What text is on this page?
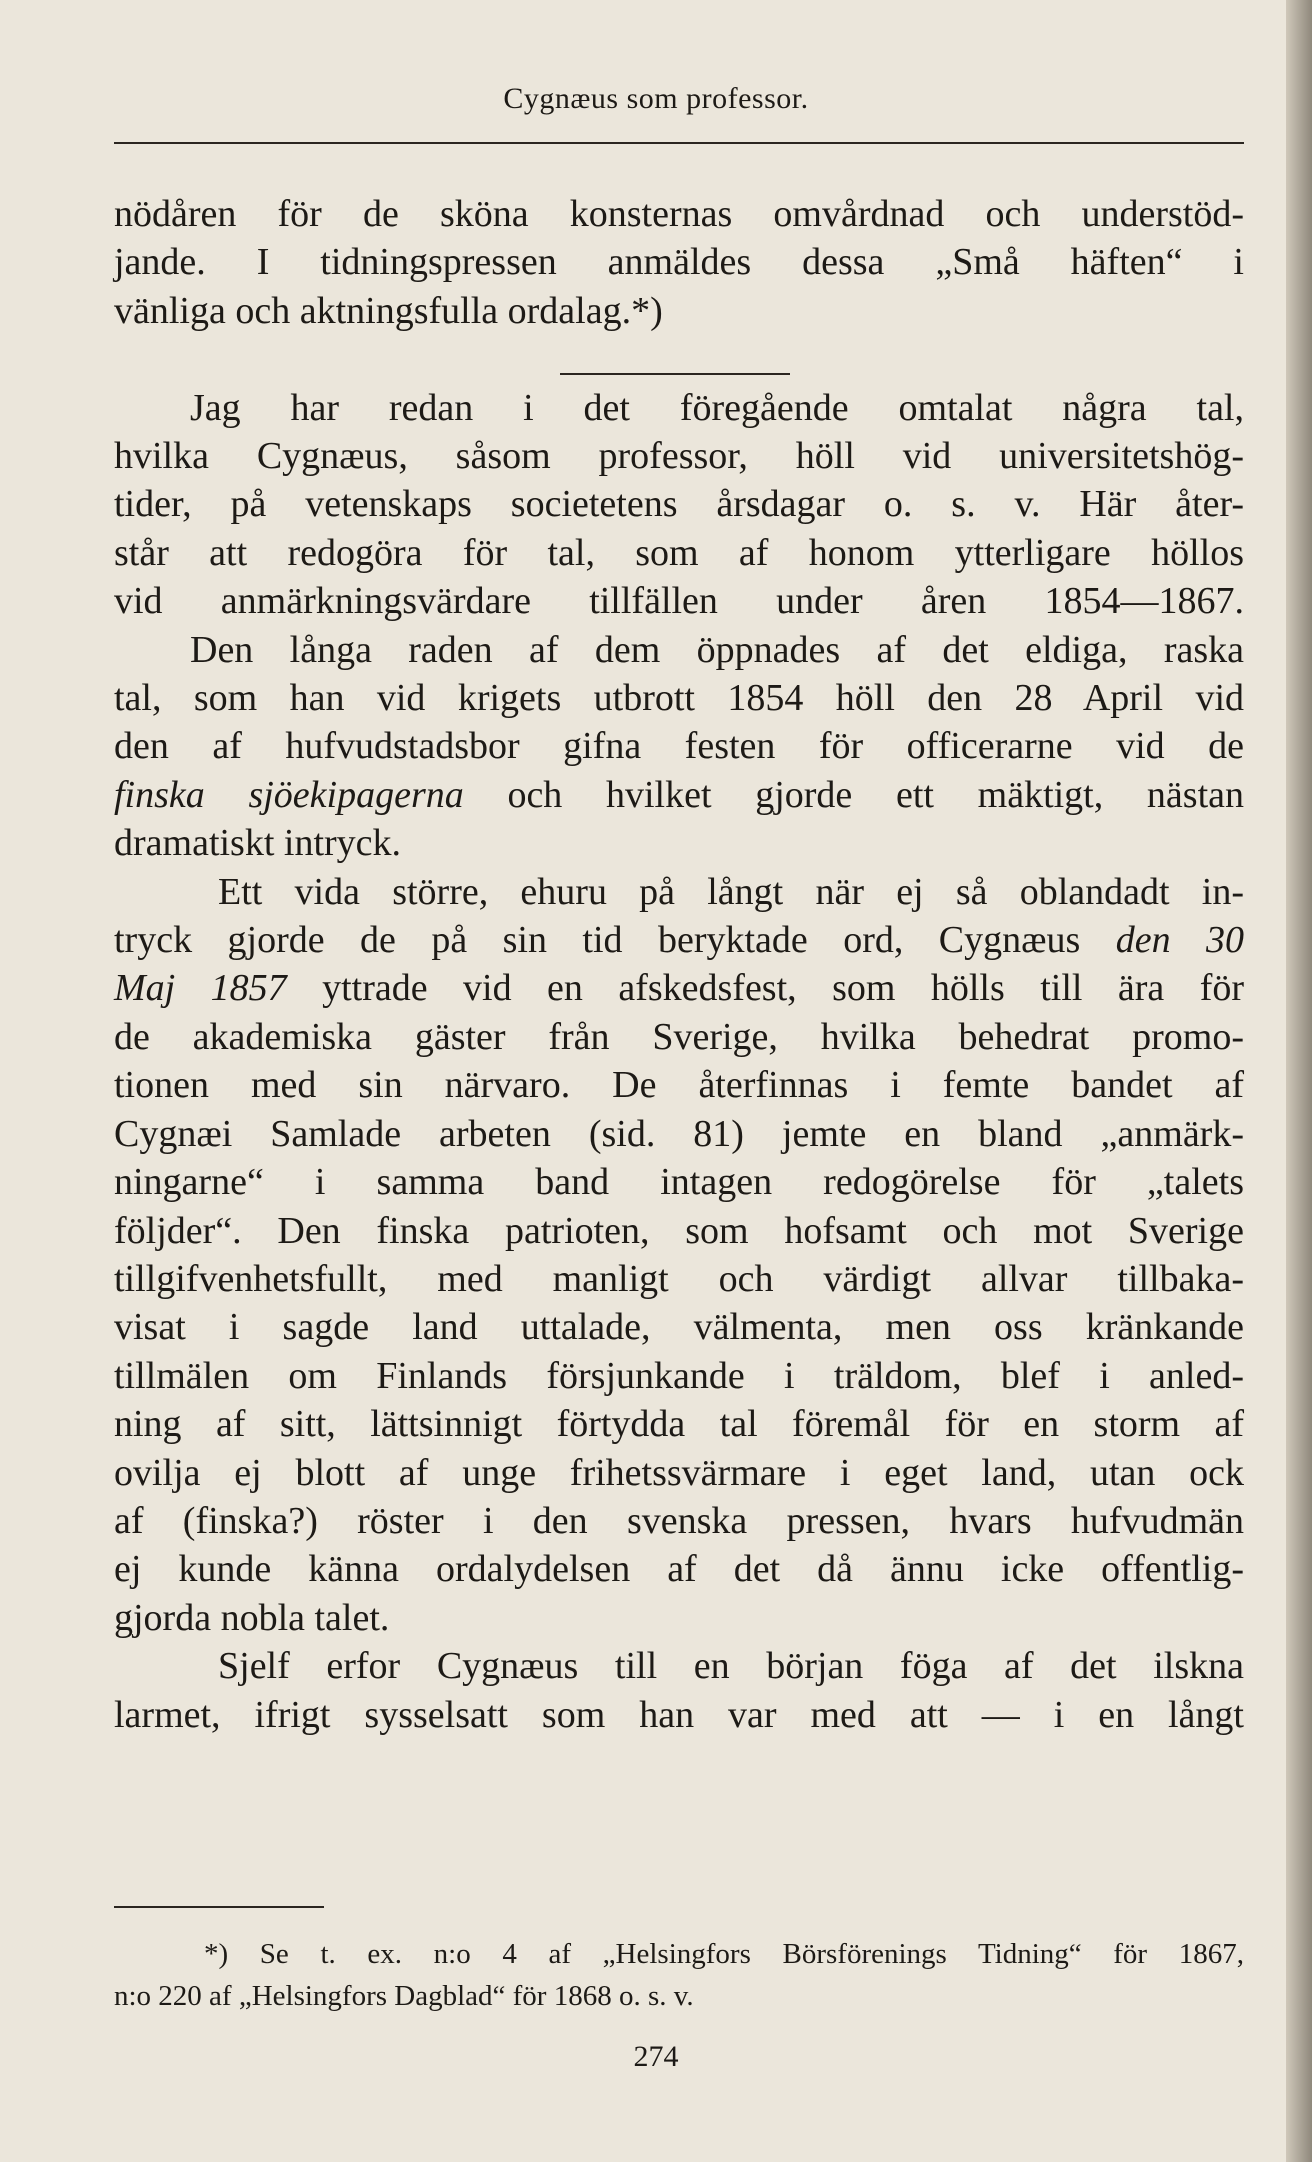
Cygnæus som professor.
nödåren för de sköna konsternas omvårdnad och understöd-
jande. I tidningspressen anmäldes dessa „Små häften“ i
vänliga och aktningsfulla ordalag.*)
Jag har redan i det föregående omtalat några tal,
hvilka Cygnæus, såsom professor, höll vid universitetshög-
tider, på vetenskaps societetens årsdagar o. s. v. Här åter-
står att redogöra för tal, som af honom ytterligare höllos
vid anmärkningsvärdare tillfällen under åren 1854—1867.
Den långa raden af dem öppnades af det eldiga, raska
tal, som han vid krigets utbrott 1854 höll den 28 April vid
den af hufvudstadsbor gifna festen för officerarne vid de
finska sjöekipagerna och hvilket gjorde ett mäktigt, nästan
dramatiskt intryck.
Ett vida större, ehuru på långt när ej så oblandadt in-
tryck gjorde de på sin tid beryktade ord, Cygnæus den 30
Maj 1857 yttrade vid en afskedsfest, som hölls till ära för
de akademiska gäster från Sverige, hvilka behedrat promo-
tionen med sin närvaro. De återfinnas i femte bandet af
Cygnæi Samlade arbeten (sid. 81) jemte en bland „anmärk-
ningarne“ i samma band intagen redogörelse för „talets
följder“. Den finska patrioten, som hofsamt och mot Sverige
tillgifvenhetsfullt, med manligt och värdigt allvar tillbaka-
visat i sagde land uttalade, välmenta, men oss kränkande
tillmälen om Finlands försjunkande i träldom, blef i anled-
ning af sitt, lättsinnigt förtydda tal föremål för en storm af
ovilja ej blott af unge frihetssvärmare i eget land, utan ock
af (finska?) röster i den svenska pressen, hvars hufvudmän
ej kunde känna ordalydelsen af det då ännu icke offentlig-
gjorda nobla talet.
Sjelf erfor Cygnæus till en början föga af det ilskna
larmet, ifrigt sysselsatt som han var med att — i en långt
*) Se t. ex. n:o 4 af „Helsingfors Börsförenings Tidning“ för 1867,
n:o 220 af „Helsingfors Dagblad“ för 1868 o. s. v.
274
